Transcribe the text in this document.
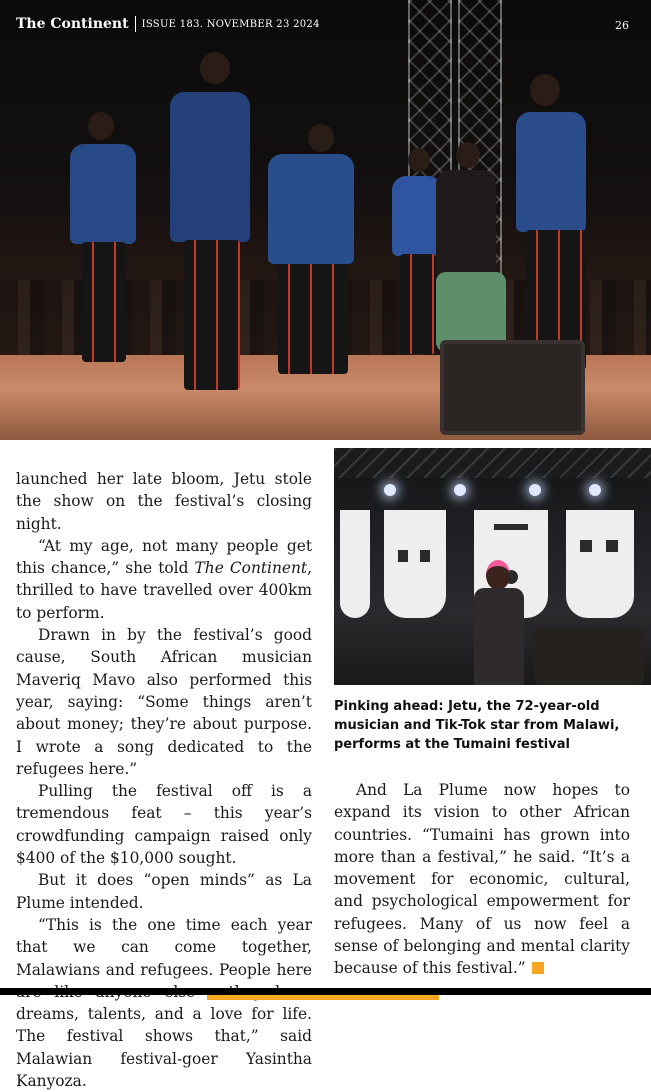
The Continent ISSUE 183. NOVEMBER 23 2024	26

launched her late bloom, Jetu stole the show on the festival’s closing night.

“At my age, not many people get this chance,” she told The Continent, thrilled to have travelled over 400km to perform.

Drawn in by the festival’s good cause, South African musician Maveriq Mavo also performed this year, saying: “Some things aren’t about money; they’re about purpose. I wrote a song dedicated to the refugees here.”

Pulling the festival off is a tremendous feat – this year’s crowdfunding campaign raised only $400 of the $10,000 sought.

But it does “open minds” as La Plume intended.

“This is the one time each year that we can come together, Malawians and refugees. People here dreams, talents, and a love for life. The festival shows that,” said Malawian festival-goer Yasintha Kanyoza.

Pinking ahead: Jetu, the 72-year-old musician and Tik-Tok star from Malawi, performs at the Tumaini festival

And La Plume now hopes to expand its vision to other African countries. “Tumaini has grown into more than a festival,” he said. “It’s a movement for economic, cultural, and psychological empowerment for refugees. Many of us now feel a sense of belonging and mental clarity because of this festival.”
